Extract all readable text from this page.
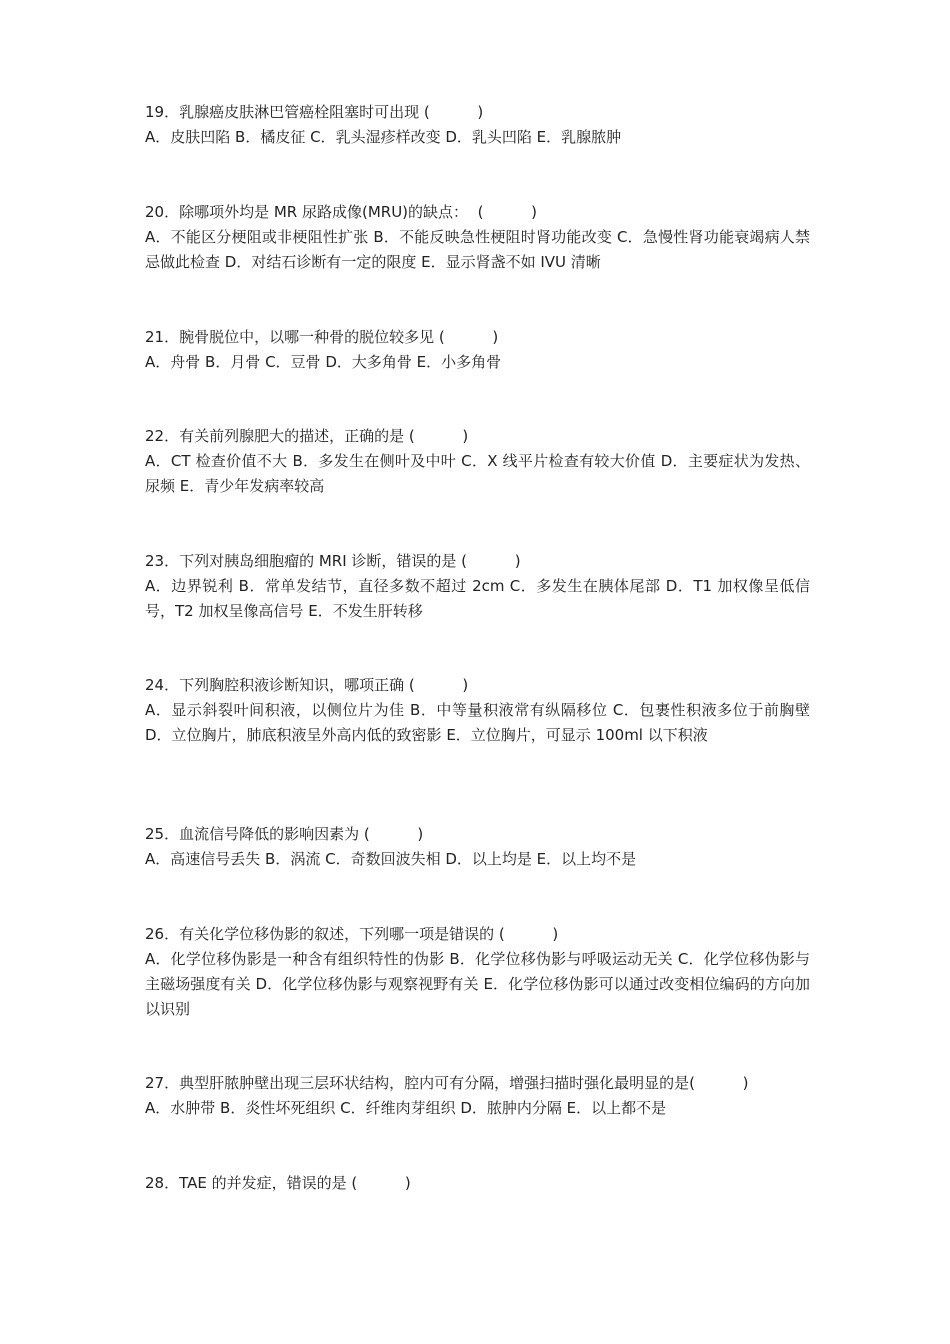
19．乳腺癌皮肤淋巴管癌栓阻塞时可出现 (          )

A．皮肤凹陷 B．橘皮征 C．乳头湿疹样改变 D．乳头凹陷 E．乳腺脓肿

20．除哪项外均是 MR 尿路成像(MRU)的缺点：  (          )

A．不能区分梗阻或非梗阻性扩张 B．不能反映急性梗阻时肾功能改变 C．急慢性肾功能衰竭病人禁忌做此检查 D．对结石诊断有一定的限度 E．显示肾盏不如 IVU 清晰

21．腕骨脱位中，以哪一种骨的脱位较多见 (          )

A．舟骨 B．月骨 C．豆骨 D．大多角骨 E．小多角骨

22．有关前列腺肥大的描述，正确的是 (          )

A．CT 检查价值不大 B．多发生在侧叶及中叶 C．X 线平片检查有较大价值 D．主要症状为发热、尿频 E．青少年发病率较高

23．下列对胰岛细胞瘤的 MRI 诊断，错误的是 (          )

A．边界锐利 B．常单发结节，直径多数不超过 2cm C．多发生在胰体尾部 D．T1 加权像呈低信号，T2 加权呈像高信号 E．不发生肝转移

24．下列胸腔积液诊断知识，哪项正确 (          )

A．显示斜裂叶间积液，以侧位片为佳 B．中等量积液常有纵隔移位 C．包裹性积液多位于前胸壁 D．立位胸片，肺底积液呈外高内低的致密影 E．立位胸片，可显示 100ml 以下积液

25．血流信号降低的影响因素为 (          )

A．高速信号丢失 B．涡流 C．奇数回波失相 D．以上均是 E．以上均不是

26．有关化学位移伪影的叙述，下列哪一项是错误的 (          )

A．化学位移伪影是一种含有组织特性的伪影 B．化学位移伪影与呼吸运动无关 C．化学位移伪影与主磁场强度有关 D．化学位移伪影与观察视野有关 E．化学位移伪影可以通过改变相位编码的方向加以识别

27．典型肝脓肿壁出现三层环状结构，腔内可有分隔，增强扫描时强化最明显的是(          )

A．水肿带 B．炎性坏死组织 C．纤维肉芽组织 D．脓肿内分隔 E．以上都不是

28．TAE 的并发症，错误的是 (          )
